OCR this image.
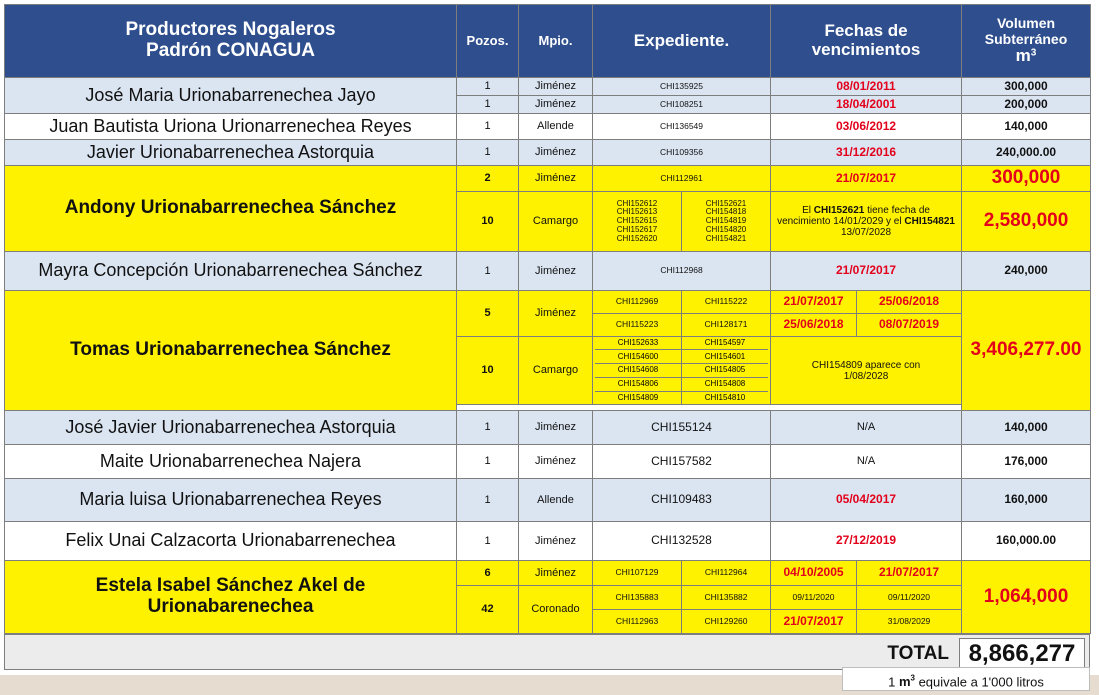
Productores Nogaleros
Padrón CONAGUA	Pozos.	Mpio.	Expediente.	Fechas de
vencimientos	Volumen
Subterráneo
$m^3$
José Maria Urionabarrenechea Jayo	1	Jiménez	CHI135925	08/01/2011	300,000
1	Jiménez	CHI108251	18/04/2001	200,000
Juan Bautista Uriona Urionarrenechea Reyes	1	Allende	CHI136549	03/06/2012	140,000
Javier Urionabarrenechea Astorquia	1	Jiménez	CHI109356	31/12/2016	240,000.00
Andony Urionabarrenechea Sánchez	2	Jiménez	CHI112961	21/07/2017	300,000
10	Camargo	CHI152612
CHI152613
CHI152615
CHI152617
CHI152620	CHI152621
CHI154818
CHI154819
CHI154820
CHI154821	El CHI152621 tiene fecha de vencimiento 14/01/2029 y el CHI154821 13/07/2028	2,580,000
Mayra Concepción Urionabarrenechea Sánchez	1	Jiménez	CHI112968	21/07/2017	240,000
Tomas Urionabarrenechea Sánchez	5	Jiménez	CHI112969	CHI115222	21/07/2017	25/06/2018	3,406,277.00
CHI115223	CHI128171	25/06/2018	08/07/2019
10	Camargo	
CHI152633	CHI154597
CHI154600	CHI154601
CHI154608	CHI154805
CHI154806	CHI154808
CHI154809	CHI154810
	CHI154809 aparece con 1/08/2028

José Javier Urionabarrenechea Astorquia	1	Jiménez	CHI155124	N/A	140,000
Maite Urionabarrenechea Najera	1	Jiménez	CHI157582	N/A	176,000
Maria luisa Urionabarrenechea Reyes	1	Allende	CHI109483	05/04/2017	160,000
Felix Unai Calzacorta Urionabarrenechea	1	Jiménez	CHI132528	27/12/2019	160,000.00
Estela Isabel Sánchez Akel de
Urionabarenechea	6	Jiménez	CHI107129	CHI112964	04/10/2005	21/07/2017	1,064,000
42	Coronado	CHI135883	CHI135882	09/11/2020	09/11/2020
CHI112963	CHI129260	21/07/2017	31/08/2029
TOTAL 8,866,277
1 $m^3$ equivale a 1'000 litros
